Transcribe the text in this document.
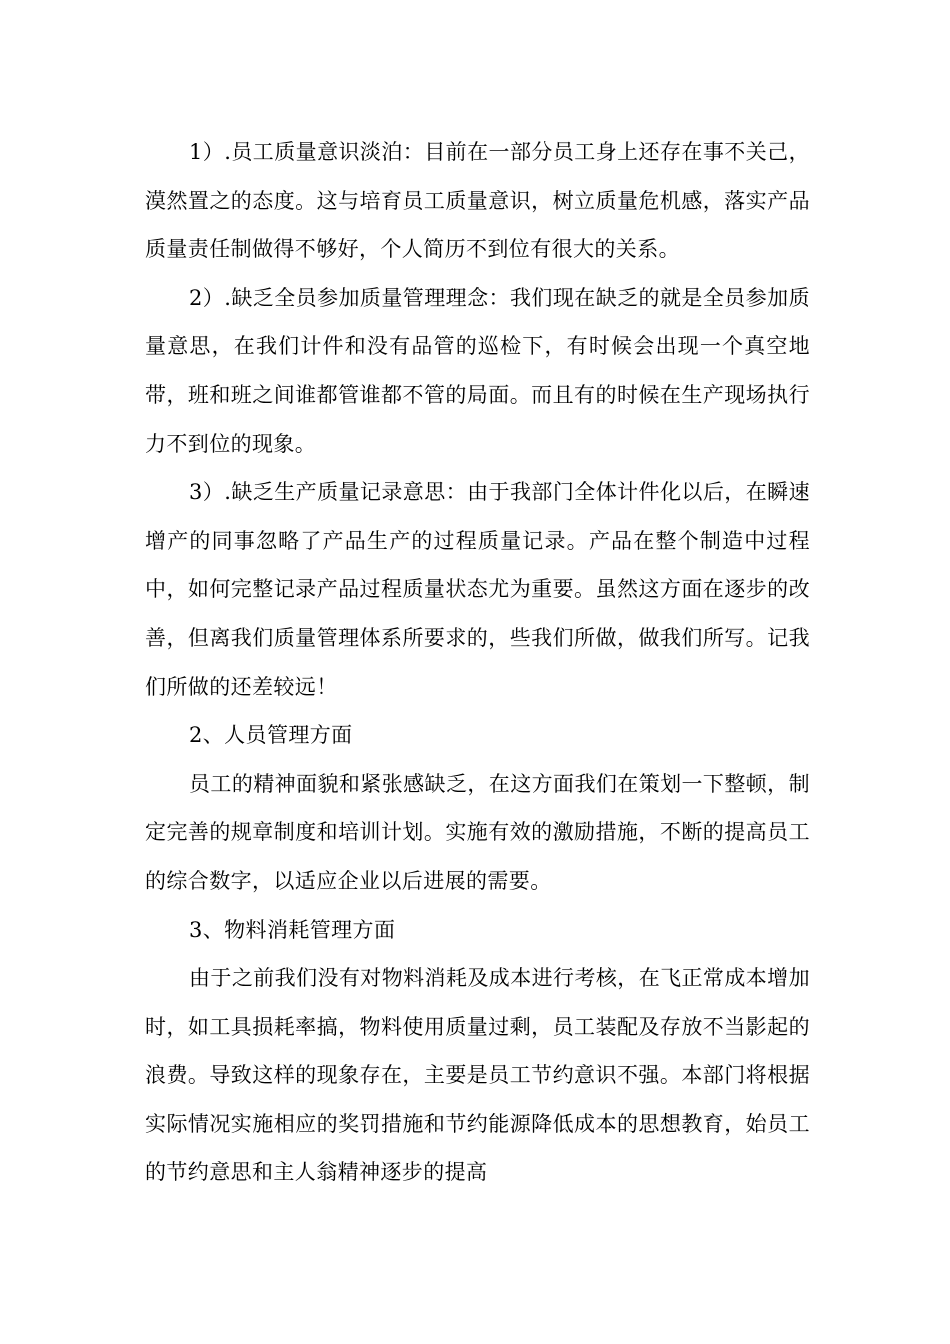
1）.员工质量意识淡泊：目前在一部分员工身上还存在事不关己，漠然置之的态度。这与培育员工质量意识，树立质量危机感，落实产品质量责任制做得不够好，个人简历不到位有很大的关系。

2）.缺乏全员参加质量管理理念：我们现在缺乏的就是全员参加质量意思，在我们计件和没有品管的巡检下，有时候会出现一个真空地带，班和班之间谁都管谁都不管的局面。而且有的时候在生产现场执行力不到位的现象。

3）.缺乏生产质量记录意思：由于我部门全体计件化以后，在瞬速增产的同事忽略了产品生产的过程质量记录。产品在整个制造中过程中，如何完整记录产品过程质量状态尤为重要。虽然这方面在逐步的改善，但离我们质量管理体系所要求的，些我们所做，做我们所写。记我们所做的还差较远！

2、人员管理方面

员工的精神面貌和紧张感缺乏，在这方面我们在策划一下整顿，制定完善的规章制度和培训计划。实施有效的激励措施，不断的提高员工的综合数字，以适应企业以后进展的需要。

3、物料消耗管理方面

由于之前我们没有对物料消耗及成本进行考核，在飞正常成本增加时，如工具损耗率搞，物料使用质量过剩，员工装配及存放不当影起的浪费。导致这样的现象存在，主要是员工节约意识不强。本部门将根据实际情况实施相应的奖罚措施和节约能源降低成本的思想教育，始员工的节约意思和主人翁精神逐步的提高
